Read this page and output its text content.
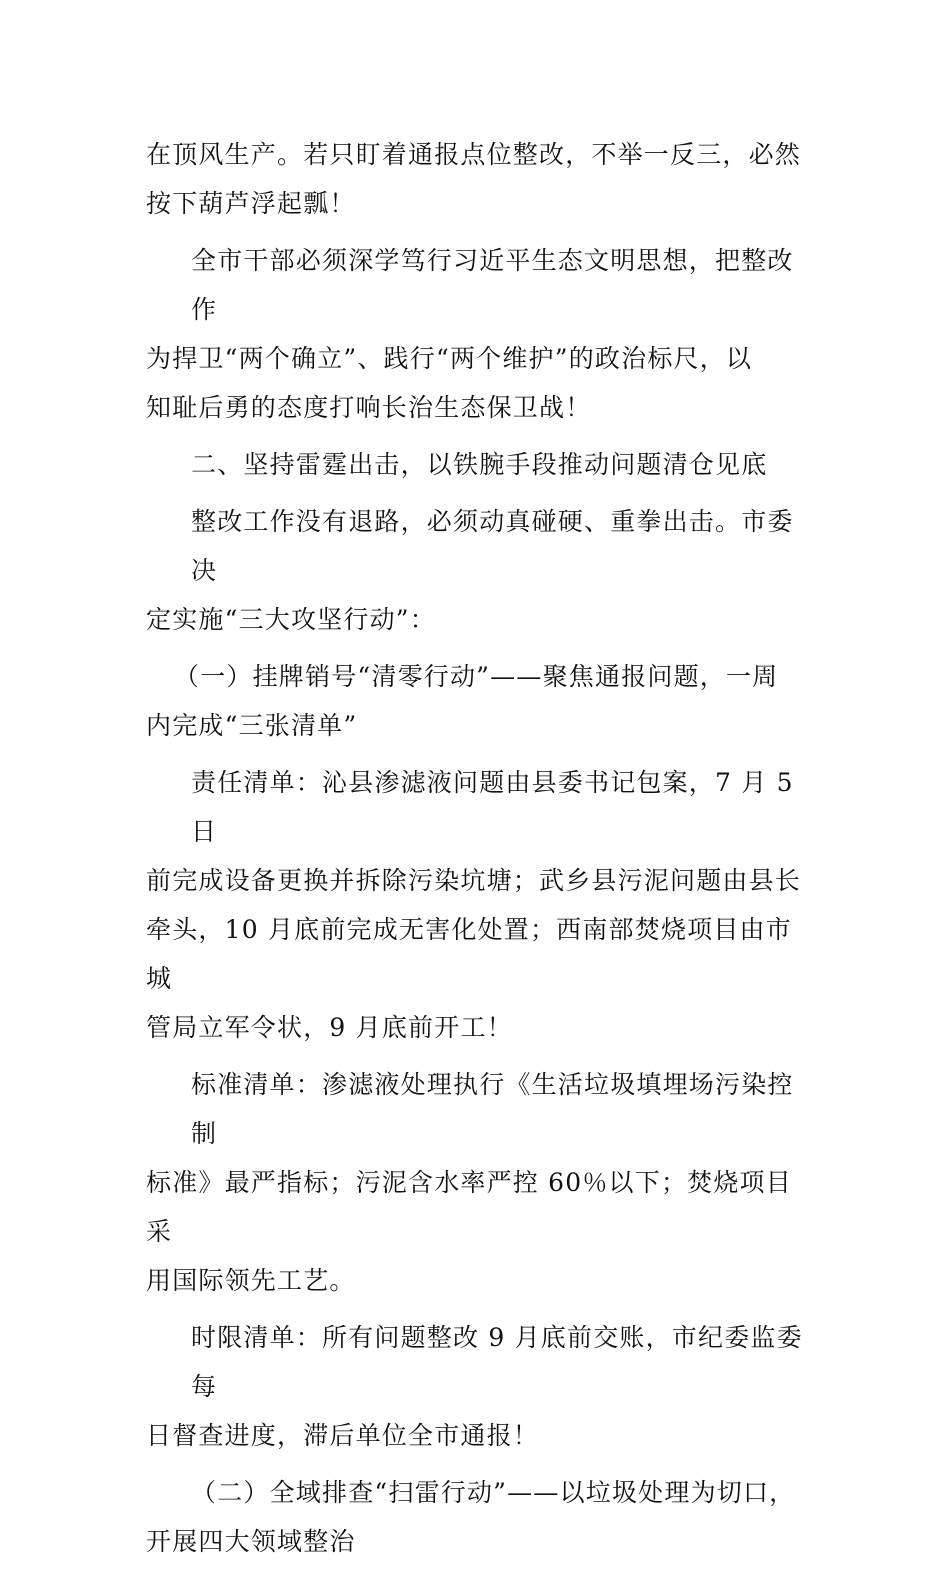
在顶风生产。若只盯着通报点位整改，不举一反三，必然
按下葫芦浮起瓢！

全市干部必须深学笃行习近平生态文明思想，把整改作
为捍卫“两个确立”、践行“两个维护”的政治标尺，以
知耻后勇的态度打响长治生态保卫战！

二、坚持雷霆出击，以铁腕手段推动问题清仓见底

整改工作没有退路，必须动真碰硬、重拳出击。市委决
定实施“三大攻坚行动”：

（一）挂牌销号“清零行动”——聚焦通报问题，一周
内完成“三张清单”

责任清单：沁县渗滤液问题由县委书记包案，7 月 5 日
前完成设备更换并拆除污染坑塘；武乡县污泥问题由县长
牵头，10 月底前完成无害化处置；西南部焚烧项目由市城
管局立军令状，9 月底前开工！

标准清单：渗滤液处理执行《生活垃圾填埋场污染控制
标准》最严指标；污泥含水率严控 60％以下；焚烧项目采
用国际领先工艺。

时限清单：所有问题整改 9 月底前交账，市纪委监委每
日督查进度，滞后单位全市通报！

（二）全域排查“扫雷行动”——以垃圾处理为切口，
开展四大领域整治
